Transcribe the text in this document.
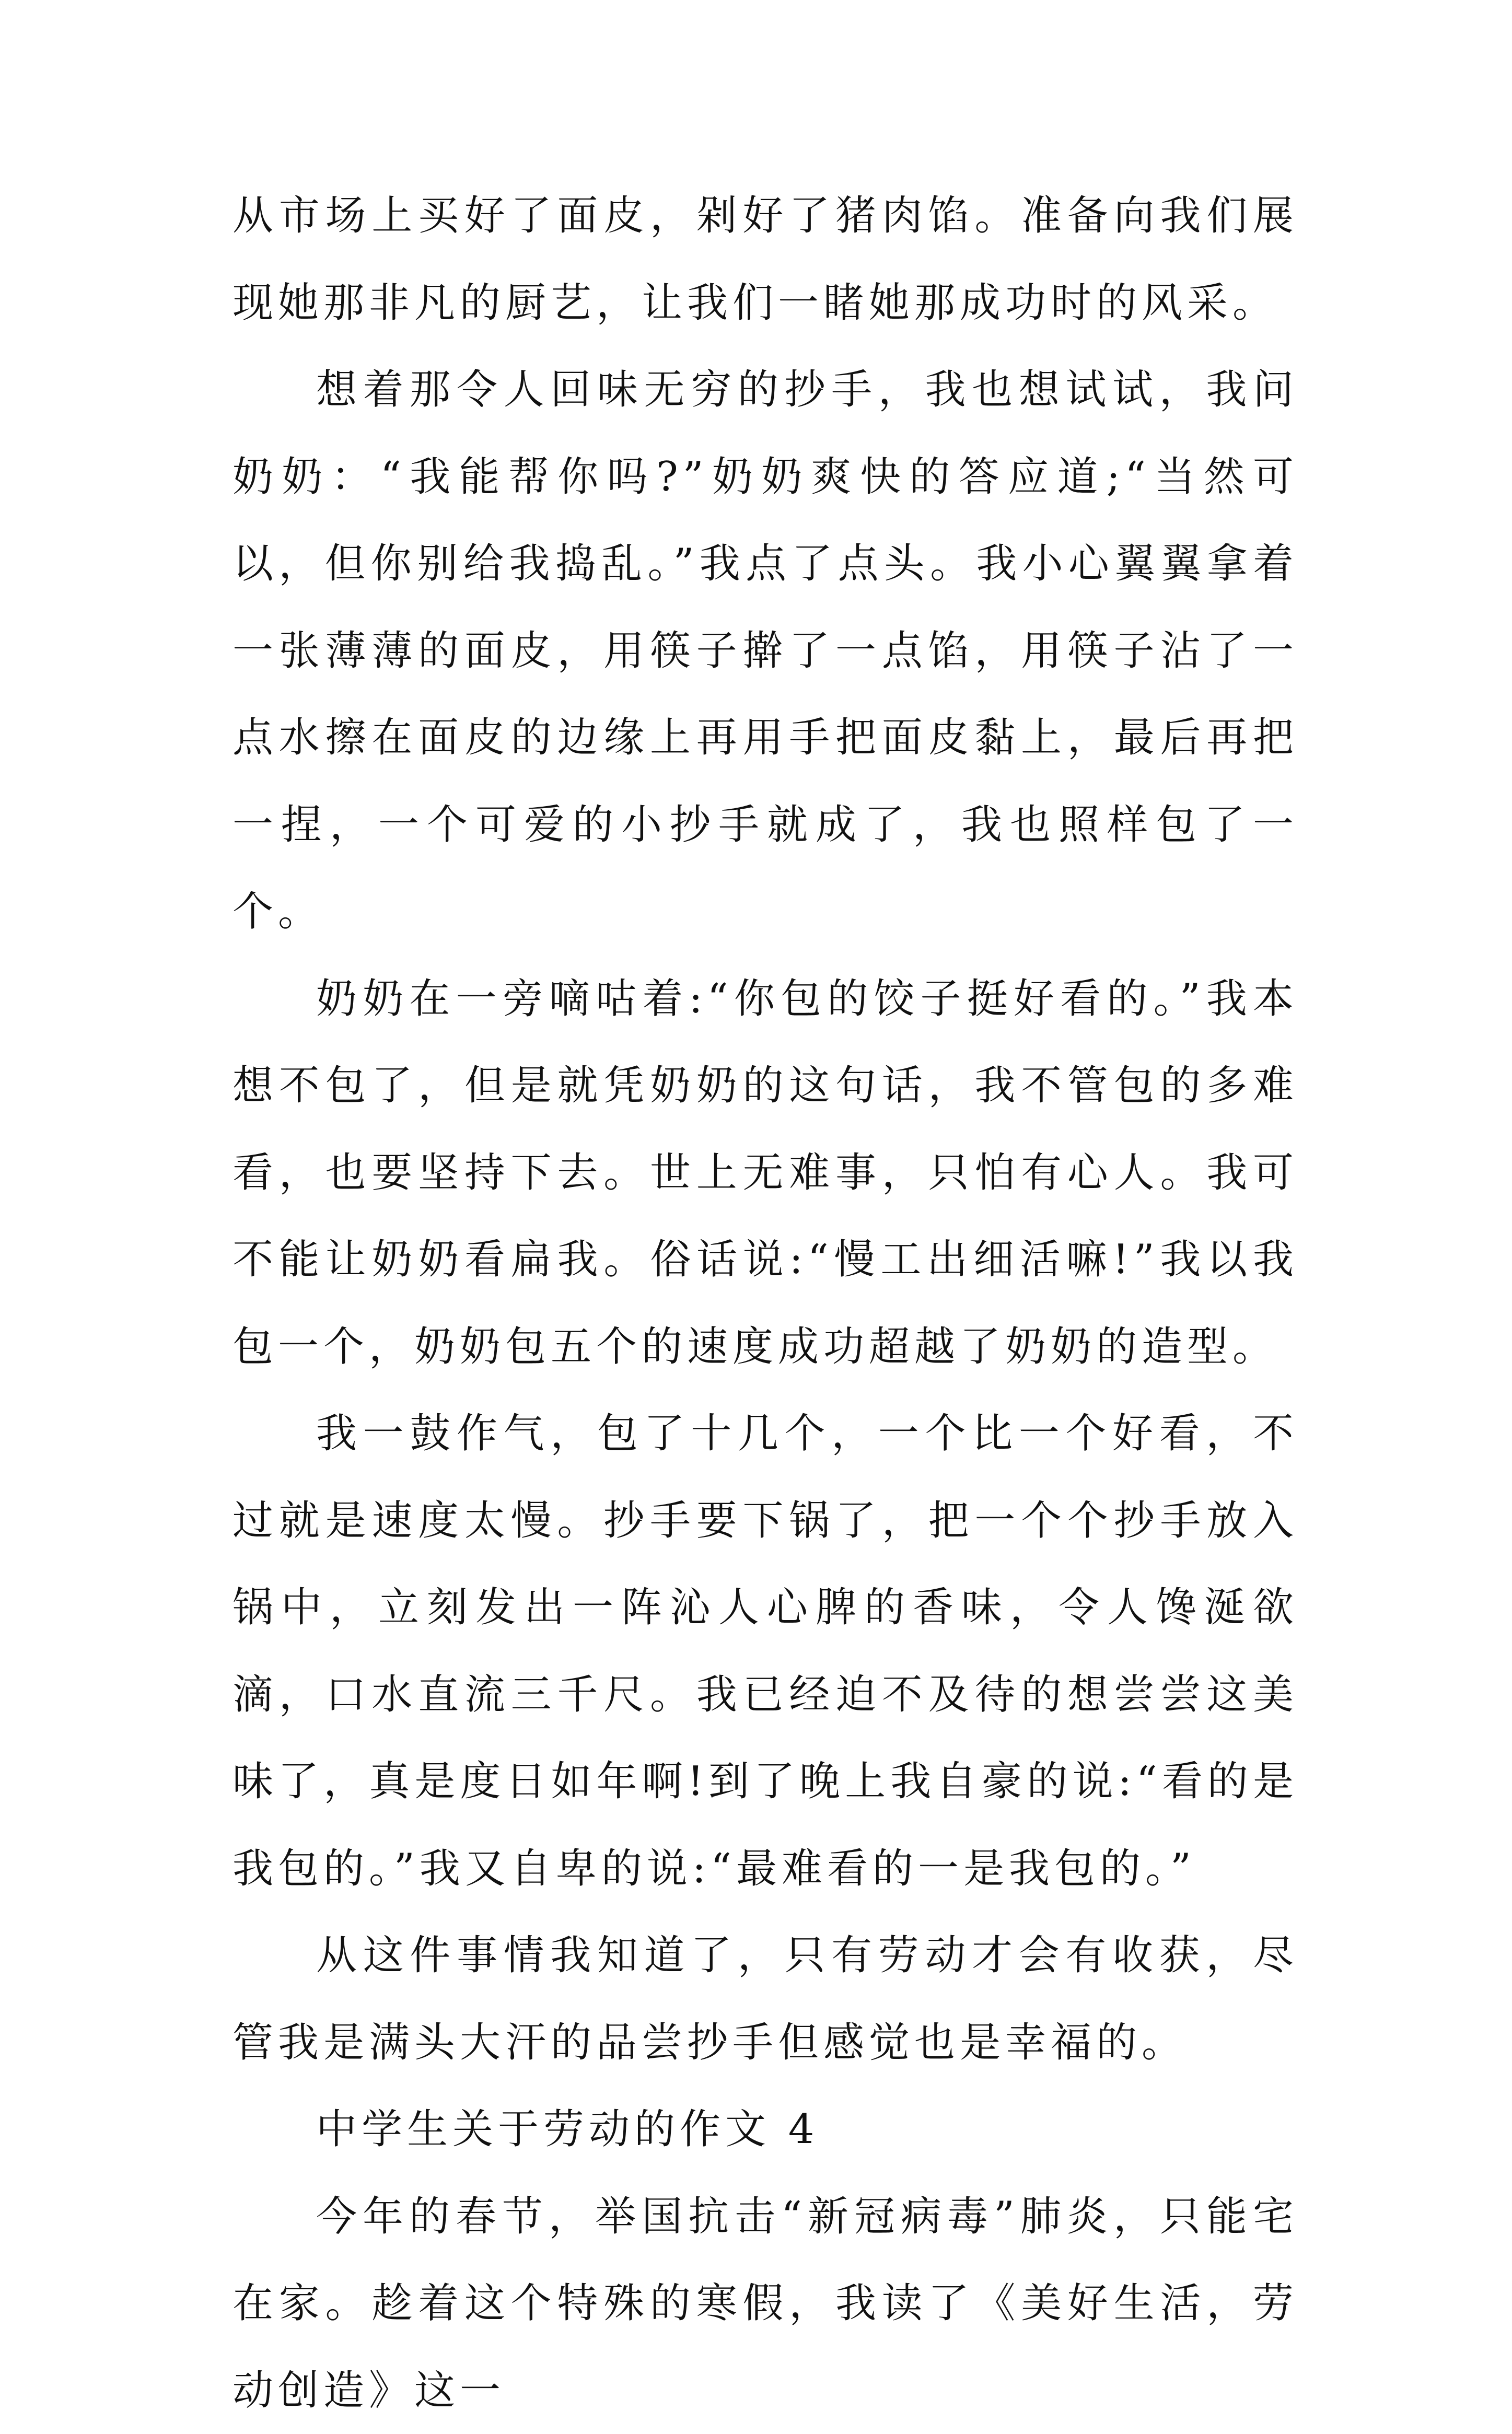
从市场上买好了面皮，剁好了猪肉馅。准备向我们展现她那非凡的厨艺，让我们一睹她那成功时的风采。

想着那令人回味无穷的抄手，我也想试试，我问奶奶：“我能帮你吗?”奶奶爽快的答应道;“当然可以，但你别给我捣乱。”我点了点头。我小心翼翼拿着一张薄薄的面皮，用筷子擀了一点馅，用筷子沾了一点水擦在面皮的边缘上再用手把面皮黏上，最后再把一捏，一个可爱的小抄手就成了，我也照样包了一个。

奶奶在一旁嘀咕着:“你包的饺子挺好看的。”我本想不包了，但是就凭奶奶的这句话，我不管包的多难看，也要坚持下去。世上无难事，只怕有心人。我可不能让奶奶看扁我。俗话说:“慢工出细活嘛!”我以我包一个，奶奶包五个的速度成功超越了奶奶的造型。

我一鼓作气，包了十几个，一个比一个好看，不过就是速度太慢。抄手要下锅了，把一个个抄手放入锅中，立刻发出一阵沁人心脾的香味，令人馋涎欲滴，口水直流三千尺。我已经迫不及待的想尝尝这美味了，真是度日如年啊!到了晚上我自豪的说:“看的是我包的。”我又自卑的说:“最难看的一是我包的。”

从这件事情我知道了，只有劳动才会有收获，尽管我是满头大汗的品尝抄手但感觉也是幸福的。

中学生关于劳动的作文 4

今年的春节，举国抗击“新冠病毒”肺炎，只能宅在家。趁着这个特殊的寒假，我读了《美好生活，劳动创造》这一
